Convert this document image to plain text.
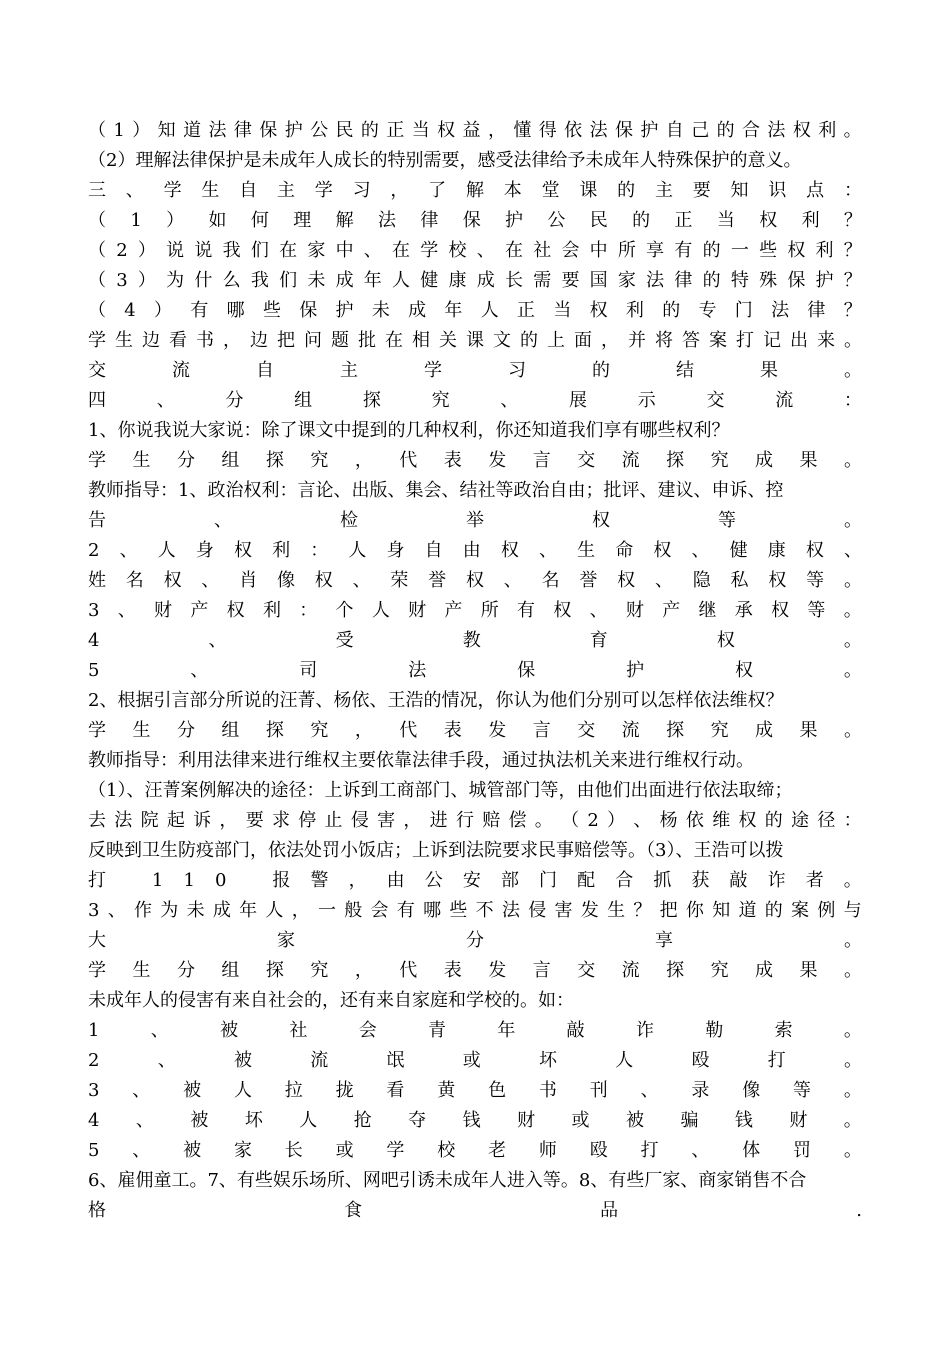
（ 1 ） 知 道 法 律 保 护 公 民 的 正 当 权 益 ， 懂 得 依 法 保 护 自 己 的 合 法 权 利 。
（2）理解法律保护是未成年人成长的特别需要，感受法律给予未成年人特殊保护的意义。
三 、 学 生 自 主 学 习 ， 了 解 本 堂 课 的 主 要 知 识 点 ：
（ 1 ） 如 何 理 解 法 律 保 护 公 民 的 正 当 权 利 ？
（ 2 ） 说 说 我 们 在 家 中 、 在 学 校 、 在 社 会 中 所 享 有 的 一 些 权 利 ？
（ 3 ） 为 什 么 我 们 未 成 年 人 健 康 成 长 需 要 国 家 法 律 的 特 殊 保 护 ？
（ 4 ） 有 哪 些 保 护 未 成 年 人 正 当 权 利 的 专 门 法 律 ？
学 生 边 看 书 ， 边 把 问 题 批 在 相 关 课 文 的 上 面 ， 并 将 答 案 打 记 出 来 。
交	流	自	主	学	习	的	结	果	。
四	、	分	组	探	究	、	展	示	交	流	：
1、你说我说大家说：除了课文中提到的几种权利，你还知道我们享有哪些权利？
学 生 分 组 探 究 ， 代 表 发 言 交 流 探 究 成 果 。
教师指导：1、政治权利：言论、出版、集会、结社等政治自由；批评、建议、申诉、控
告	、	检	举	权	等	。
2 、 人 身 权 利 ： 人 身 自 由 权 、 生 命 权 、 健 康 权 、
姓 名 权 、 肖 像 权 、 荣 誉 权 、 名 誉 权 、 隐 私 权 等 。
3 、 财 产 权 利 ： 个 人 财 产 所 有 权 、 财 产 继 承 权 等 。
4	、	受	教	育	权	。
5	、	司	法	保	护	权	。
2、根据引言部分所说的汪菁、杨依、王浩的情况，你认为他们分别可以怎样依法维权？
学 生 分 组 探 究 ， 代 表 发 言 交 流 探 究 成 果 。
教师指导：利用法律来进行维权主要依靠法律手段，通过执法机关来进行维权行动。
（1）、汪菁案例解决的途径：上诉到工商部门、城管部门等，由他们出面进行依法取缔；
去 法 院 起 诉 ， 要 求 停 止 侵 害 ， 进 行 赔 偿 。 （ 2 ） 、 杨 依 维 权 的 途 径 ：
反映到卫生防疫部门，依法处罚小饭店；上诉到法院要求民事赔偿等。（3）、王浩可以拨
打
	1 1 0
	报 警 ， 由 公 安 部 门 配 合 抓 获 敲 诈 者 。
3 、 作 为 未 成 年 人 ， 一 般 会 有 哪 些 不 法 侵 害 发 生 ？ 把 你 知 道 的 案 例 与
大	家	分	享	。
学 生 分 组 探 究 ， 代 表 发 言 交 流 探 究 成 果 。
未成年人的侵害有来自社会的，还有来自家庭和学校的。如：
1	、	被	社	会	青	年	敲	诈	勒	索	。
2	、	被	流	氓	或	坏	人	殴	打	。
3 、 被 人 拉 拢 看 黄 色 书 刊 、 录 像 等 。
4 、 被 坏 人 抢 夺 钱 财 或 被 骗 钱 财 。
5 、 被 家 长 或 学 校 老 师 殴 打 、 体 罚 。
6、雇佣童工。7、有些娱乐场所、网吧引诱未成年人进入等。8、有些厂家、商家销售不合
格	食	品	.
